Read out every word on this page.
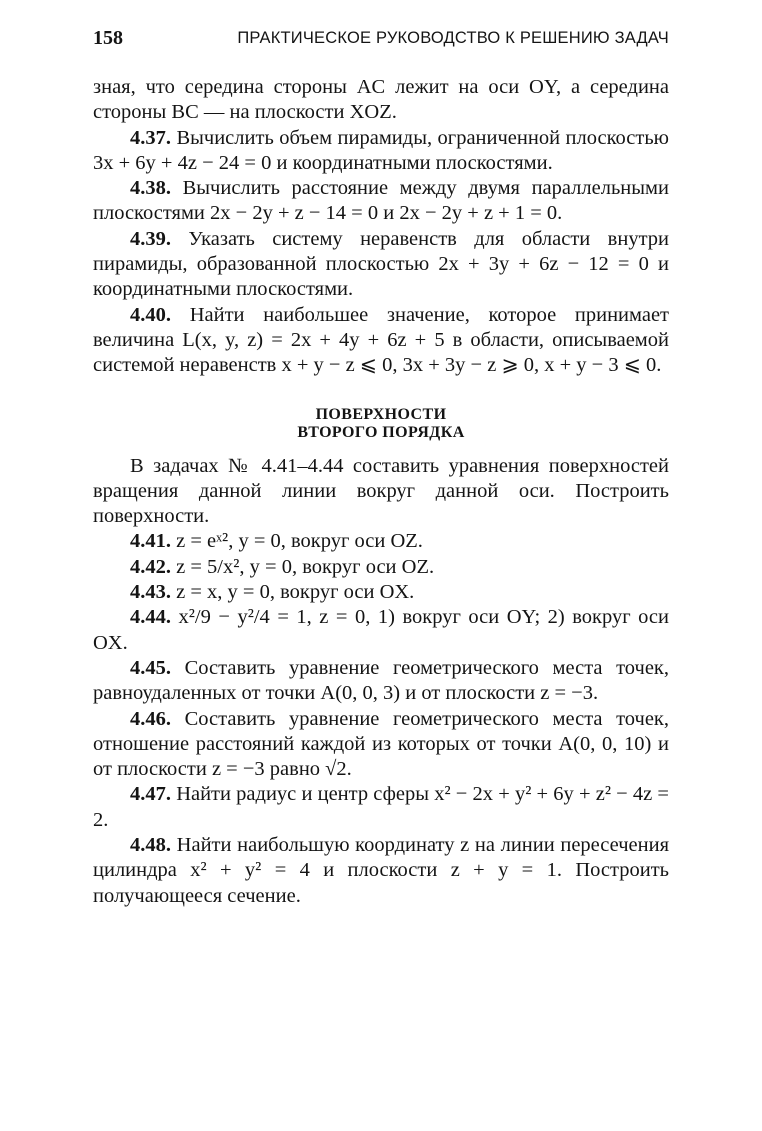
158	ПРАКТИЧЕСКОЕ РУКОВОДСТВО К РЕШЕНИЮ ЗАДАЧ

зная, что середина стороны AC лежит на оси OY, а середина стороны BC — на плоскости XOZ.

4.37. Вычислить объем пирамиды, ограниченной плоскостью 3x + 6y + 4z − 24 = 0 и координатными плоскостями.

4.38. Вычислить расстояние между двумя параллельными плоскостями 2x − 2y + z − 14 = 0 и 2x − 2y + z + 1 = 0.

4.39. Указать систему неравенств для области внутри пирамиды, образованной плоскостью 2x + 3y + 6z − 12 = 0 и координатными плоскостями.

4.40. Найти наибольшее значение, которое принимает величина L(x, y, z) = 2x + 4y + 6z + 5 в области, описываемой системой неравенств x + y − z ⩽ 0, 3x + 3y − z ⩾ 0, x + y − 3 ⩽ 0.

ПОВЕРХНОСТИ
ВТОРОГО ПОРЯДКА

В задачах № 4.41–4.44 составить уравнения поверхностей вращения данной линии вокруг данной оси. Построить поверхности.

4.41. z = eˣ², y = 0, вокруг оси OZ.

4.42. z = 5/x², y = 0, вокруг оси OZ.

4.43. z = x, y = 0, вокруг оси OX.

4.44. x²/9 − y²/4 = 1, z = 0, 1) вокруг оси OY; 2) вокруг оси OX.

4.45. Составить уравнение геометрического места точек, равноудаленных от точки A(0, 0, 3) и от плоскости z = −3.

4.46. Составить уравнение геометрического места точек, отношение расстояний каждой из которых от точки A(0, 0, 10) и от плоскости z = −3 равно √2.

4.47. Найти радиус и центр сферы x² − 2x + y² + 6y + z² − 4z = 2.

4.48. Найти наибольшую координату z на линии пересечения цилиндра x² + y² = 4 и плоскости z + y = 1. Построить получающееся сечение.
